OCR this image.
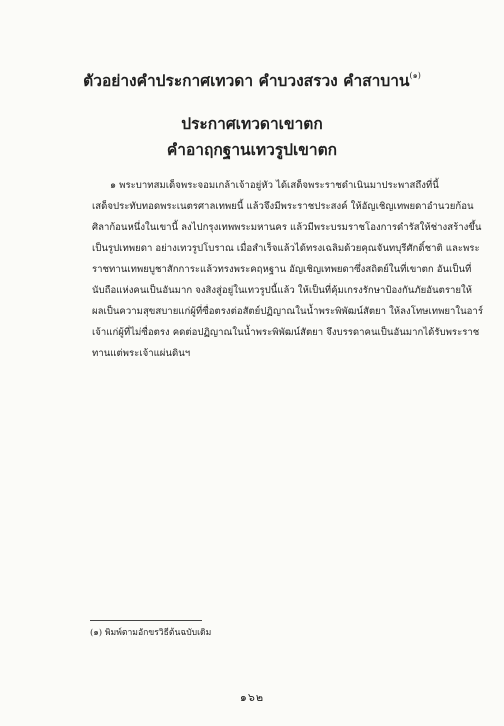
ตัวอย่างคำประกาศเทวดา คำบวงสรวง คำสาบาน$^{(๑)}$
ประกาศเทวดาเขาตก
คำอาฤกฐานเทวรูปเขาตก
๑ พระบาทสมเด็จพระจอมเกล้าเจ้าอยู่หัว ได้เสด็จพระราชดำเนินมาประพาสถึงที่นี้
เสด็จประทับทอดพระเนตรศาลเทพยนี้ แล้วจึงมีพระราชประสงค์ ให้อัญเชิญเทพยดาอำนวยก้อน
ศิลาก้อนหนึ่งในเขานี้ ลงไปกรุงเทพพระมหานคร แล้วมีพระบรมราชโองการดำรัสให้ช่างสร้างขึ้น
เป็นรูปเทพยดา อย่างเทวรูปโบราณ เมื่อสำเร็จแล้วได้ทรงเฉลิมด้วยคุณจันทบุรีศักดิ์ชาติ และพระ
ราชทานเทพยบูชาสักการะแล้วทรงพระคฤหฐาน อัญเชิญเทพยดาซึ่งสถิตย์ในที่เขาตก อันเป็นที่
นับถือแห่งคนเป็นอันมาก จงสิงสู่อยู่ในเทวรูปนี้แล้ว ให้เป็นที่คุ้มเกรงรักษาป้องกันภัยอันตรายให้
ผลเป็นความสุขสบายแก่ผู้ที่ซื่อตรงต่อสัตย์ปฏิญาณในน้ำพระพิพัฒน์สัตยา ให้ลงโทษเทพยาในอาร์
เจ้าแก่ผู้ที่ไม่ซื่อตรง คดต่อปฏิญาณในน้ำพระพิพัฒน์สัตยา จึงบรรดาคนเป็นอันมากได้รับพระราช
ทานแต่พระเจ้าแผ่นดินฯ
(๑) พิมพ์ตามอักขรวิธีต้นฉบับเดิม
๑๖๒
